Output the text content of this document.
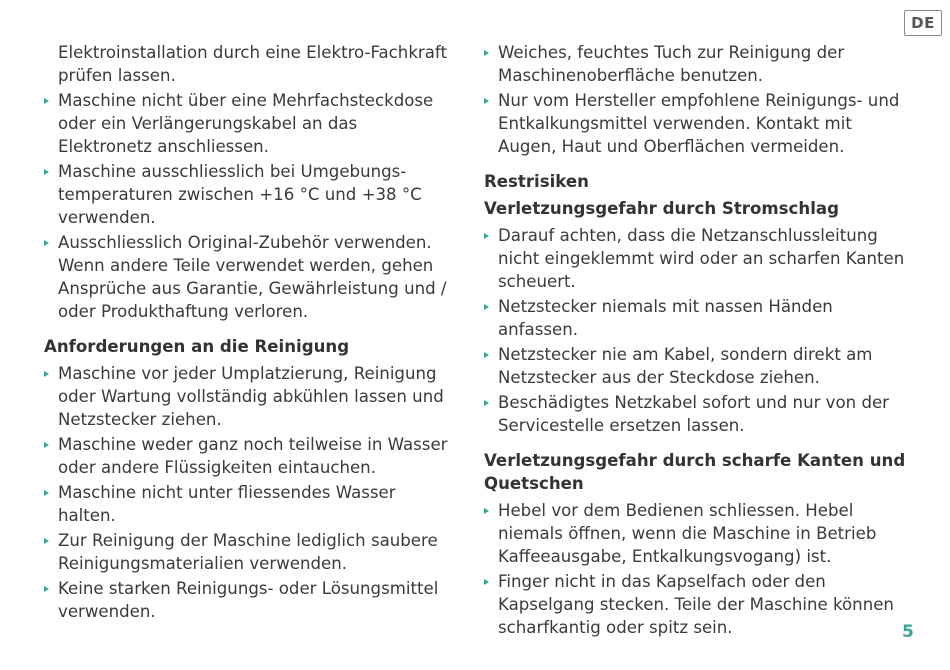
DE

Elektroinstallation durch eine Elektro-Fachkraft prüfen lassen.

Maschine nicht über eine Mehrfachsteckdose oder ein Verlängerungskabel an das Elektronetz anschliessen.
Maschine ausschliesslich bei Umgebungs-temperaturen zwischen +16 °C und +38 °C verwenden.
Ausschliesslich Original-Zubehör verwenden. Wenn andere Teile verwendet werden, gehen Ansprüche aus Garantie, Gewährleistung und / oder Produkthaftung verloren.
Anforderungen an die Reinigung
Maschine vor jeder Umplatzierung, Reinigung oder Wartung vollständig abkühlen lassen und Netzstecker ziehen.
Maschine weder ganz noch teilweise in Wasser oder andere Flüssigkeiten eintauchen.
Maschine nicht unter fliessendes Wasser halten.
Zur Reinigung der Maschine lediglich saubere Reinigungsmaterialien verwenden.
Keine starken Reinigungs- oder Lösungsmittel verwenden.
Weiches, feuchtes Tuch zur Reinigung der Maschinenoberfläche benutzen.
Nur vom Hersteller empfohlene Reinigungs- und Entkalkungsmittel verwenden. Kontakt mit Augen, Haut und Oberflächen vermeiden.
Restrisiken
Verletzungsgefahr durch Stromschlag
Darauf achten, dass die Netzanschlussleitung nicht eingeklemmt wird oder an scharfen Kanten scheuert.
Netzstecker niemals mit nassen Händen anfassen.
Netzstecker nie am Kabel, sondern direkt am Netzstecker aus der Steckdose ziehen.
Beschädigtes Netzkabel sofort und nur von der Servicestelle ersetzen lassen.
Verletzungsgefahr durch scharfe Kanten und Quetschen
Hebel vor dem Bedienen schliessen. Hebel niemals öffnen, wenn die Maschine in Betrieb Kaffeeausgabe, Entkalkungsvogang) ist.
Finger nicht in das Kapselfach oder den Kapselgang stecken. Teile der Maschine können scharfkantig oder spitz sein.	5
